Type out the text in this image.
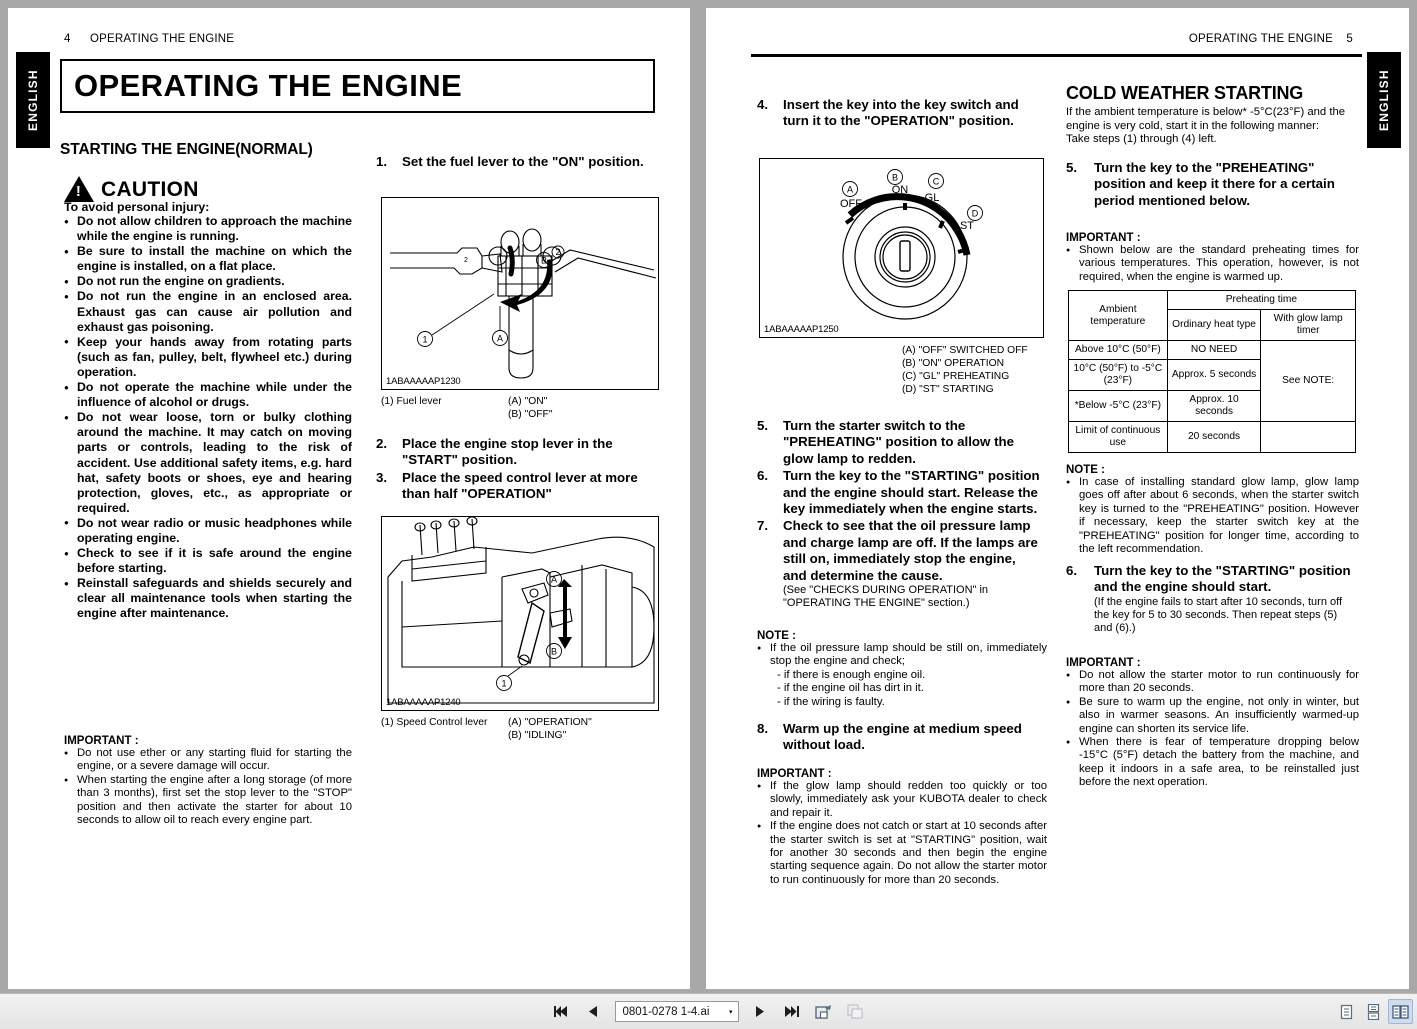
4 OPERATING THE ENGINE
ENGLISH	OPERATING THE ENGINE
STARTING THE ENGINE(NORMAL)
!
CAUTION
To avoid personal injury:
● Do not allow children to approach the machine while the engine is running.
● Be sure to install the machine on which the engine is installed, on a flat place.
● Do not run the engine on gradients.
● Do not run the engine in an enclosed area. Exhaust gas can cause air pollution and exhaust gas poisoning.
● Keep your hands away from rotating parts (such as fan, pulley, belt, flywheel etc.) during operation.
● Do not operate the machine while under the influence of alcohol or drugs.
● Do not wear loose, torn or bulky clothing around the machine. It may catch on moving parts or controls, leading to the risk of accident. Use additional safety items, e.g. hard hat, safety boots or shoes, eye and hearing protection, gloves, etc., as appropriate or required.
● Do not wear radio or music headphones while operating engine.
● Check to see if it is safe around the engine before starting.
● Reinstall safeguards and shields securely and clear all maintenance tools when starting the engine after maintenance.
IMPORTANT :
● Do not use ether or any starting fluid for starting the engine, or a severe damage will occur.
● When starting the engine after a long storage (of more than 3 months), first set the stop lever to the "STOP" position and then activate the starter for about 10 seconds to allow oil to reach every engine part.
1.	Set the fuel lever to the "ON" position.
1	A
B
2
2
1ABAAAAAP1230
(1) Fuel lever	(A) "ON"
(B) "OFF"
2.	Place the engine stop lever in the "START" position.
3.	Place the speed control lever at more than half "OPERATION"
1
A
B
1ABAAAAAP1240
(1) Speed Control lever (A) "OPERATION"
(B) "IDLING"
5
OPERATING THE ENGINE
ENGLISH
4.	Insert the key into the key switch and turn it to the "OPERATION" position.
OFF
ON
GL
ST
A
B	C
D
1ABAAAAAP1250
(A) "OFF" SWITCHED OFF
(B) "ON" OPERATION
(C) "GL" PREHEATING
(D) "ST" STARTING
5.	Turn the starter switch to the "PREHEATING" position to allow the glow lamp to redden.
6.	Turn the key to the "STARTING" position and the engine should start. Release the key immediately when the engine starts.
7.	Check to see that the oil pressure lamp and charge lamp are off. If the lamps are still on, immediately stop the engine, and determine the cause.
(See "CHECKS DURING OPERATION" in "OPERATING THE ENGINE" section.)
NOTE :
● If the oil pressure lamp should be still on, immediately stop the engine and check;
- if there is enough engine oil.
- if the engine oil has dirt in it.
- if the wiring is faulty.
8.	Warm up the engine at medium speed without load.
IMPORTANT :
● If the glow lamp should redden too quickly or too slowly, immediately ask your KUBOTA dealer to check and repair it.
● If the engine does not catch or start at 10 seconds after the starter switch is set at "STARTING" position, wait for another 30 seconds and then begin the engine starting sequence again. Do not allow the starter motor to run continuously for more than 20 seconds.
COLD WEATHER STARTING
If the ambient temperature is below* -5°C(23°F) and the
engine is very cold, start it in the following manner:
Take steps (1) through (4) left.
5.	Turn the key to the "PREHEATING" position and keep it there for a certain period mentioned below.
IMPORTANT :
● Shown below are the standard preheating times for various temperatures. This operation, however, is not required, when the engine is warmed up.
Ambient
temperature	Preheating time	
	Ordinary heat type	With glow lamp
timer

Above 10°C (50°F)	NO NEED	See NOTE:
10°C (50°F) to -5°C (23°F)	Approx. 5 seconds	
*Below -5°C (23°F)	Approx. 10 seconds	
Limit of continuous use	20 seconds	
NOTE :
● In case of installing standard glow lamp, glow lamp goes off after about 6 seconds, when the starter switch key is turned to the "PREHEATING" position. However if necessary, keep the starter switch key at the "PREHEATING" position for longer time, according to the left recommendation.
6.	Turn the key to the "STARTING" position and the engine should start.
(If the engine fails to start after 10 seconds, turn off the key for 5 to 30 seconds. Then repeat steps (5) and (6).)
IMPORTANT :
● Do not allow the starter motor to run continuously for more than 20 seconds.
● Be sure to warm up the engine, not only in winter, but also in warmer seasons. An insufficiently warmed-up engine can shorten its service life.
● When there is fear of temperature dropping below -15°C (5°F) detach the battery from the machine, and keep it indoors in a safe area, to be reinstalled just before the next operation.
0801-0278 1-4.ai	▾
